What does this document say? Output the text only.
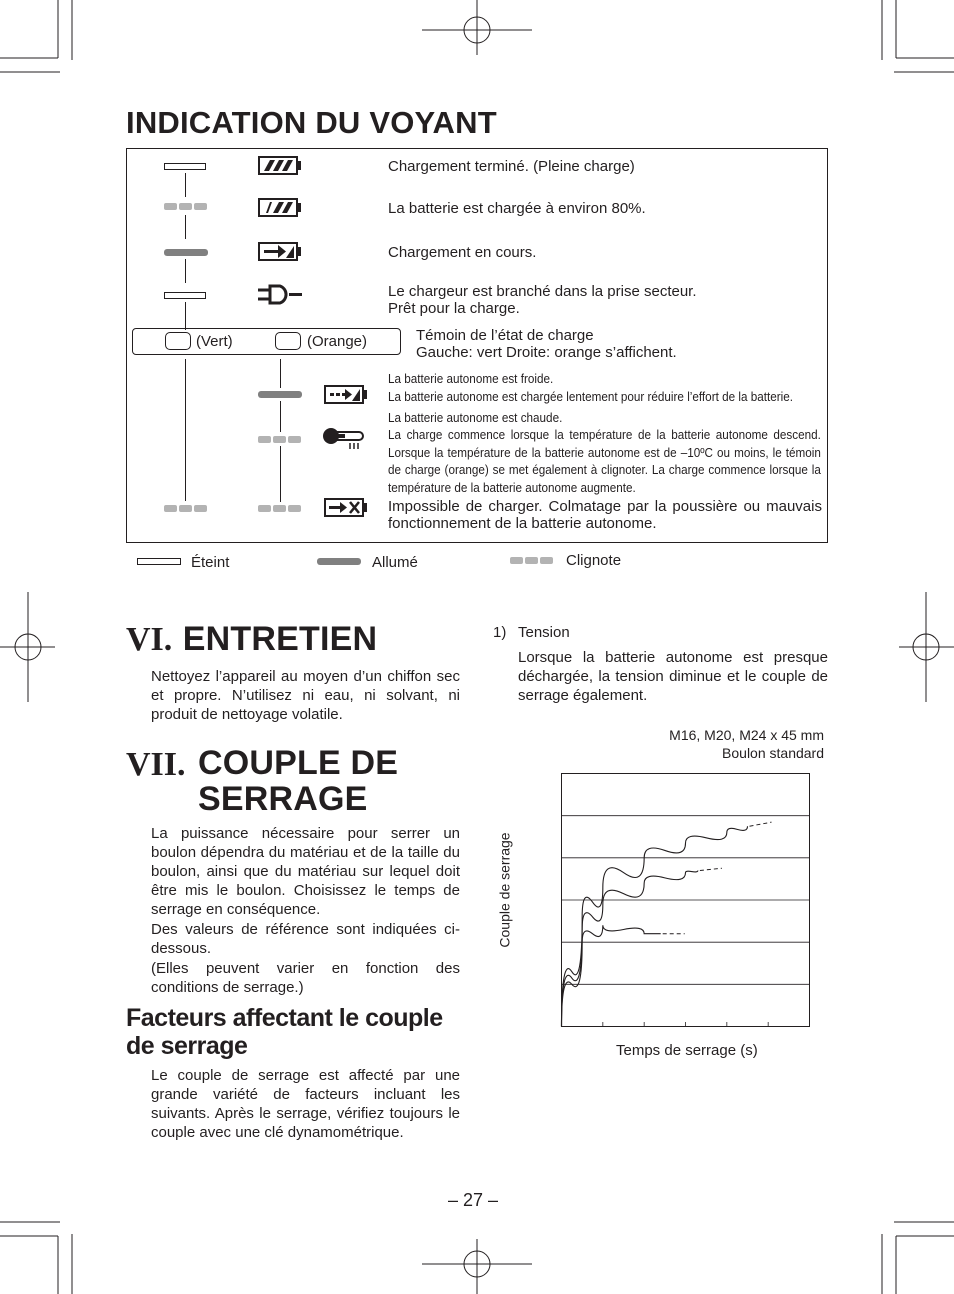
INDICATION DU VOYANT
Chargement terminé. (Pleine charge)
La batterie est chargée à environ 80%.
Chargement en cours.
Le chargeur est branché dans la prise secteur.
Prêt pour la charge.
(Vert)	(Orange)	Témoin de l’état de charge
Gauche: vert Droite: orange s’affichent.
La batterie autonome est froide.
La batterie autonome est chargée lentement pour réduire l’effort de la batterie.
La batterie autonome est chaude.
La charge commence lorsque la température de la batterie autonome descend. Lorsque la température de la batterie autonome est de –10ºC ou moins, le témoin de charge (orange) se met également à clignoter. La charge commence lorsque la température de la batterie autonome augmente.
Impossible de charger. Colmatage par la poussière ou mauvais fonctionnement de la batterie autonome.
Éteint	Allumé	Clignote
VI. ENTRETIEN
Nettoyez l’appareil au moyen d’un chiffon sec et propre. N’utilisez ni eau, ni solvant, ni produit de nettoyage volatile.
VII. COUPLE DE
SERRAGE
La puissance nécessaire pour serrer un boulon dépendra du matériau et de la taille du boulon, ainsi que du matériau sur lequel doit être mis le boulon. Choisissez le temps de serrage en conséquence.
Des valeurs de référence sont indiquées ci-dessous.
(Elles peuvent varier en fonction des conditions de serrage.)
Facteurs affectant le couple de serrage
Le couple de serrage est affecté par une grande variété de facteurs incluant les suivants. Après le serrage, vérifiez toujours le couple avec une clé dynamométrique.
1) Tension
Lorsque la batterie autonome est presque déchargée, la tension diminue et le couple de serrage également.
M16, M20, M24 x 45 mm
Boulon standard
Couple de serrage
Temps de serrage (s)
– 27 –
